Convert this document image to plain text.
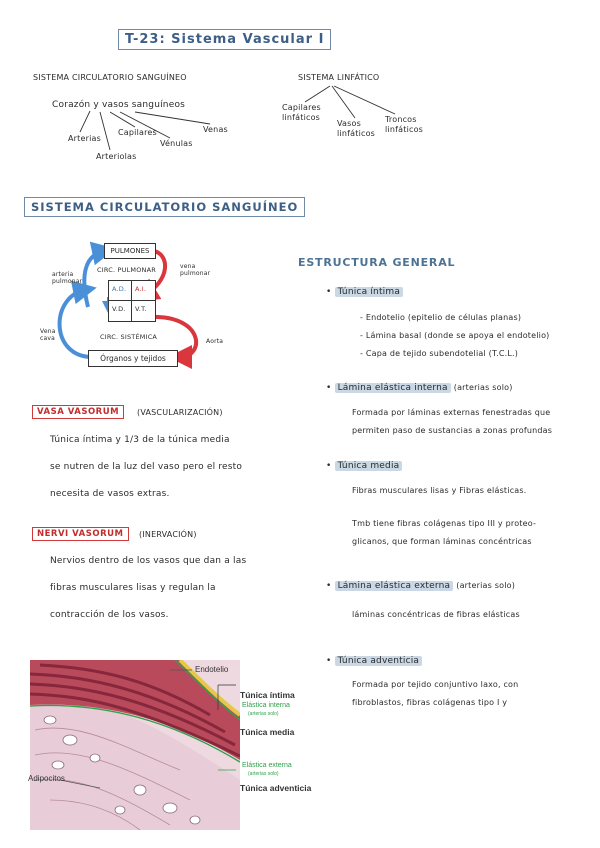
T-23: Sistema Vascular I
SISTEMA CIRCULATORIO SANGUÍNEO
Corazón y vasos sanguíneos
Arterias
Arteriolas
Capilares
Vénulas
Venas
SISTEMA LINFÁTICO
Capilares linfáticos
Vasos linfáticos
Troncos linfáticos
SISTEMA CIRCULATORIO SANGUÍNEO
PULMONES
CIRC. PULMONAR
A.D. A.I.
V.D. V.T.
CIRC. SISTÉMICA
Órganos y tejidos
arteria pulmonar
vena pulmonar
Vena cava	Aorta
VASA VASORUM	(VASCULARIZACIÓN)
Túnica íntima y 1/3 de la túnica media
se nutren de la luz del vaso pero el resto
necesita de vasos extras.
NERVI VASORUM	(INERVACIÓN)
Nervios dentro de los vasos que dan a las
fibras musculares lisas y regulan la
contracción de los vasos.
ESTRUCTURA GENERAL
• Túnica íntima
- Endotelio (epitelio de células planas)
- Lámina basal (donde se apoya el endotelio)
- Capa de tejido subendotelial (T.C.L.)
• Lámina elástica interna (arterias solo)
Formada por láminas externas fenestradas que
permiten paso de sustancias a zonas profundas
• Túnica media
Fibras musculares lisas y Fibras elásticas.
Tmb tiene fibras colágenas tipo III y proteo-
glicanos, que forman láminas concéntricas
• Lámina elástica externa (arterias solo)
láminas concéntricas de fibras elásticas
• Túnica adventicia
Formada por tejido conjuntivo laxo, con
fibroblastos, fibras colágenas tipo I y
Endotelio
Túnica íntima
Elástica interna
(arterias solo)
Túnica media
Elástica externa
(arterias solo)
Túnica adventicia
Adipocitos
